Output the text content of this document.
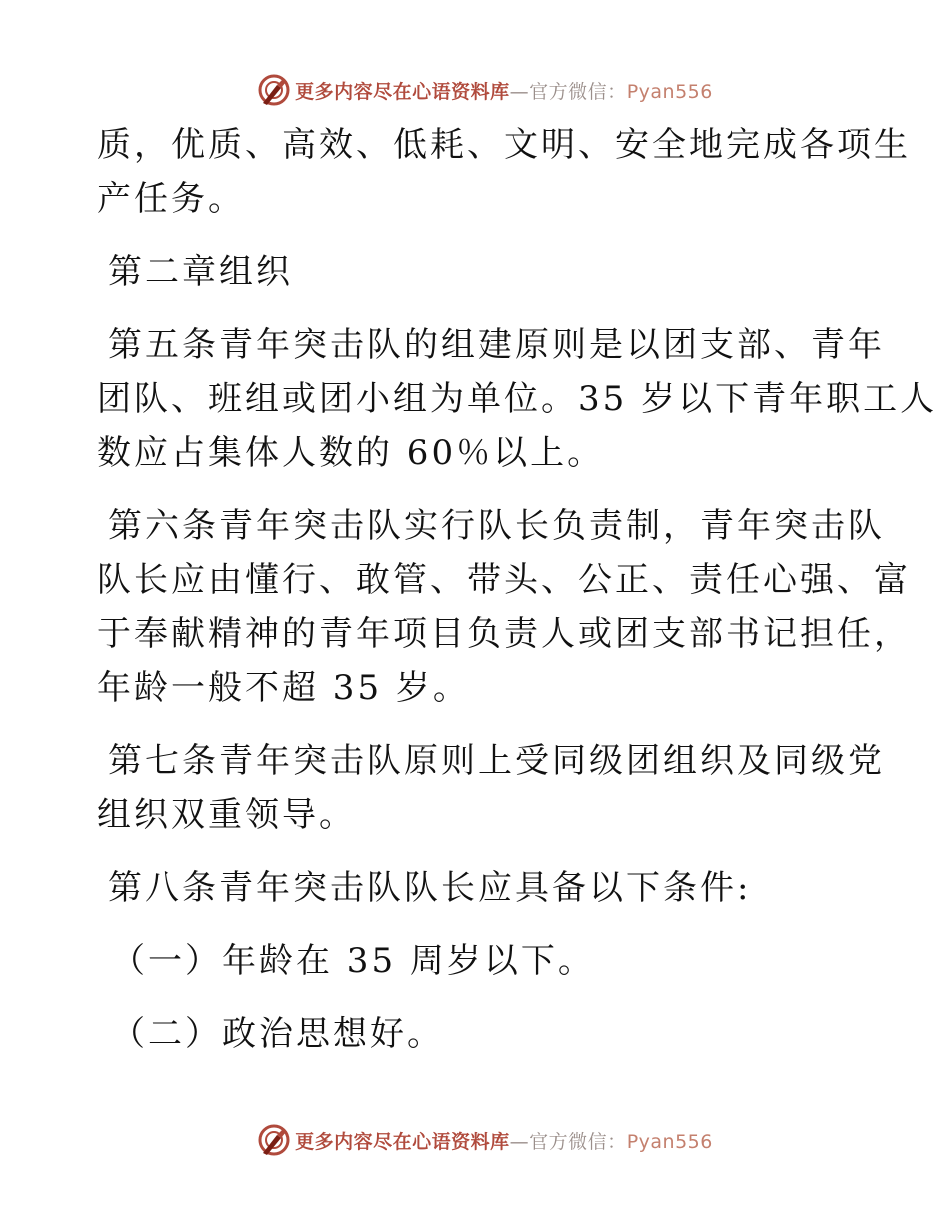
更多内容尽在心语资料库—官方微信：Pyan556

质，优质、高效、低耗、文明、安全地完成各项生
产任务。

第二章组织

第五条青年突击队的组建原则是以团支部、青年
团队、班组或团小组为单位。35 岁以下青年职工人
数应占集体人数的 60％以上。

第六条青年突击队实行队长负责制，青年突击队
队长应由懂行、敢管、带头、公正、责任心强、富
于奉献精神的青年项目负责人或团支部书记担任，
年龄一般不超 35 岁。

第七条青年突击队原则上受同级团组织及同级党
组织双重领导。

第八条青年突击队队长应具备以下条件:

（一）年龄在 35 周岁以下。

（二）政治思想好。

更多内容尽在心语资料库—官方微信：Pyan556
